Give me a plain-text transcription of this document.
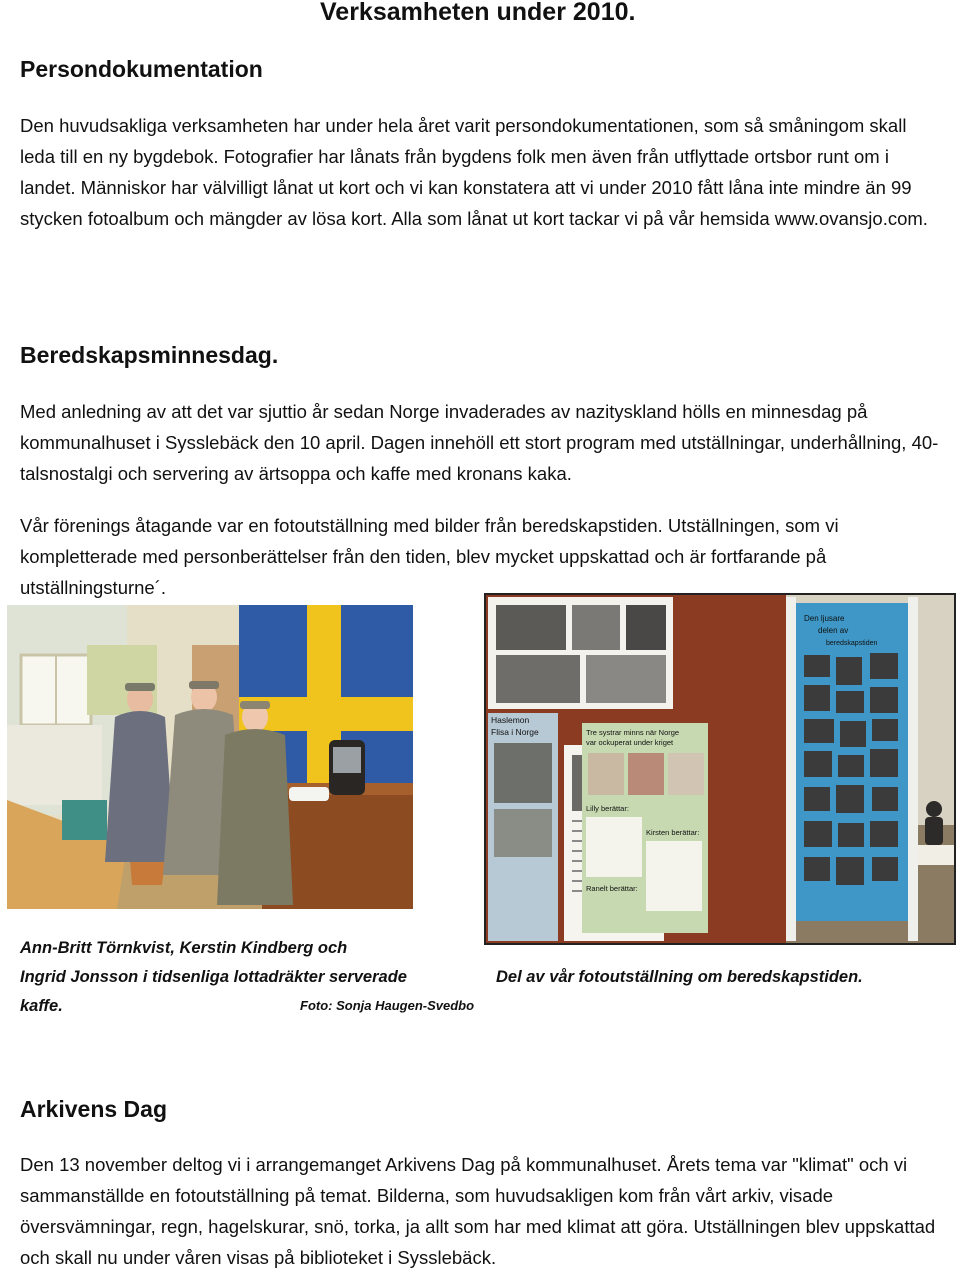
Verksamheten under 2010.
Persondokumentation

Den huvudsakliga verksamheten har under hela året varit persondokumentationen, som så småningom skall leda till en ny bygdebok. Fotografier har lånats från bygdens folk men även från utflyttade ortsbor runt om i landet. Människor har välvilligt lånat ut kort och vi kan konstatera att vi under 2010 fått låna inte mindre än 99 stycken fotoalbum och mängder av lösa kort. Alla som lånat ut kort tackar vi på vår hemsida www.ovansjo.com.

Beredskapsminnesdag.

Med anledning av att det var sjuttio år sedan Norge invaderades av nazityskland hölls en minnesdag på kommunalhuset i Sysslebäck den 10 april. Dagen innehöll ett stort program med utställningar, underhållning, 40-talsnostalgi och servering av ärtsoppa och kaffe med kronans kaka.

Vår förenings åtagande var en fotoutställning med bilder från beredskapstiden. Utställningen, som vi kompletterade med personberättelser från den tiden, blev mycket uppskattad och är fortfarande på utställningsturne´.

Haslemon
Flisa i Norge	Tre systrar minns när Norge
var ockuperat under kriget
Lilly berättar:
Ranelt berättar:
Kirsten berättar:
Den ljusare
delen av
beredskapstiden

Ann-Britt Törnkvist, Kerstin Kindberg och
Ingrid Jonsson i tidsenliga lottadräkter serverade
kaffe.	Foto: Sonja Haugen-Svedbo

Del av vår fotoutställning om beredskapstiden.

Arkivens Dag

Den 13 november deltog vi i arrangemanget Arkivens Dag på kommunalhuset. Årets tema var "klimat" och vi sammanställde en fotoutställning på temat. Bilderna, som huvudsakligen kom från vårt arkiv, visade översvämningar, regn, hagelskurar, snö, torka, ja allt som har med klimat att göra. Utställningen blev uppskattad och skall nu under våren visas på biblioteket i Sysslebäck.
